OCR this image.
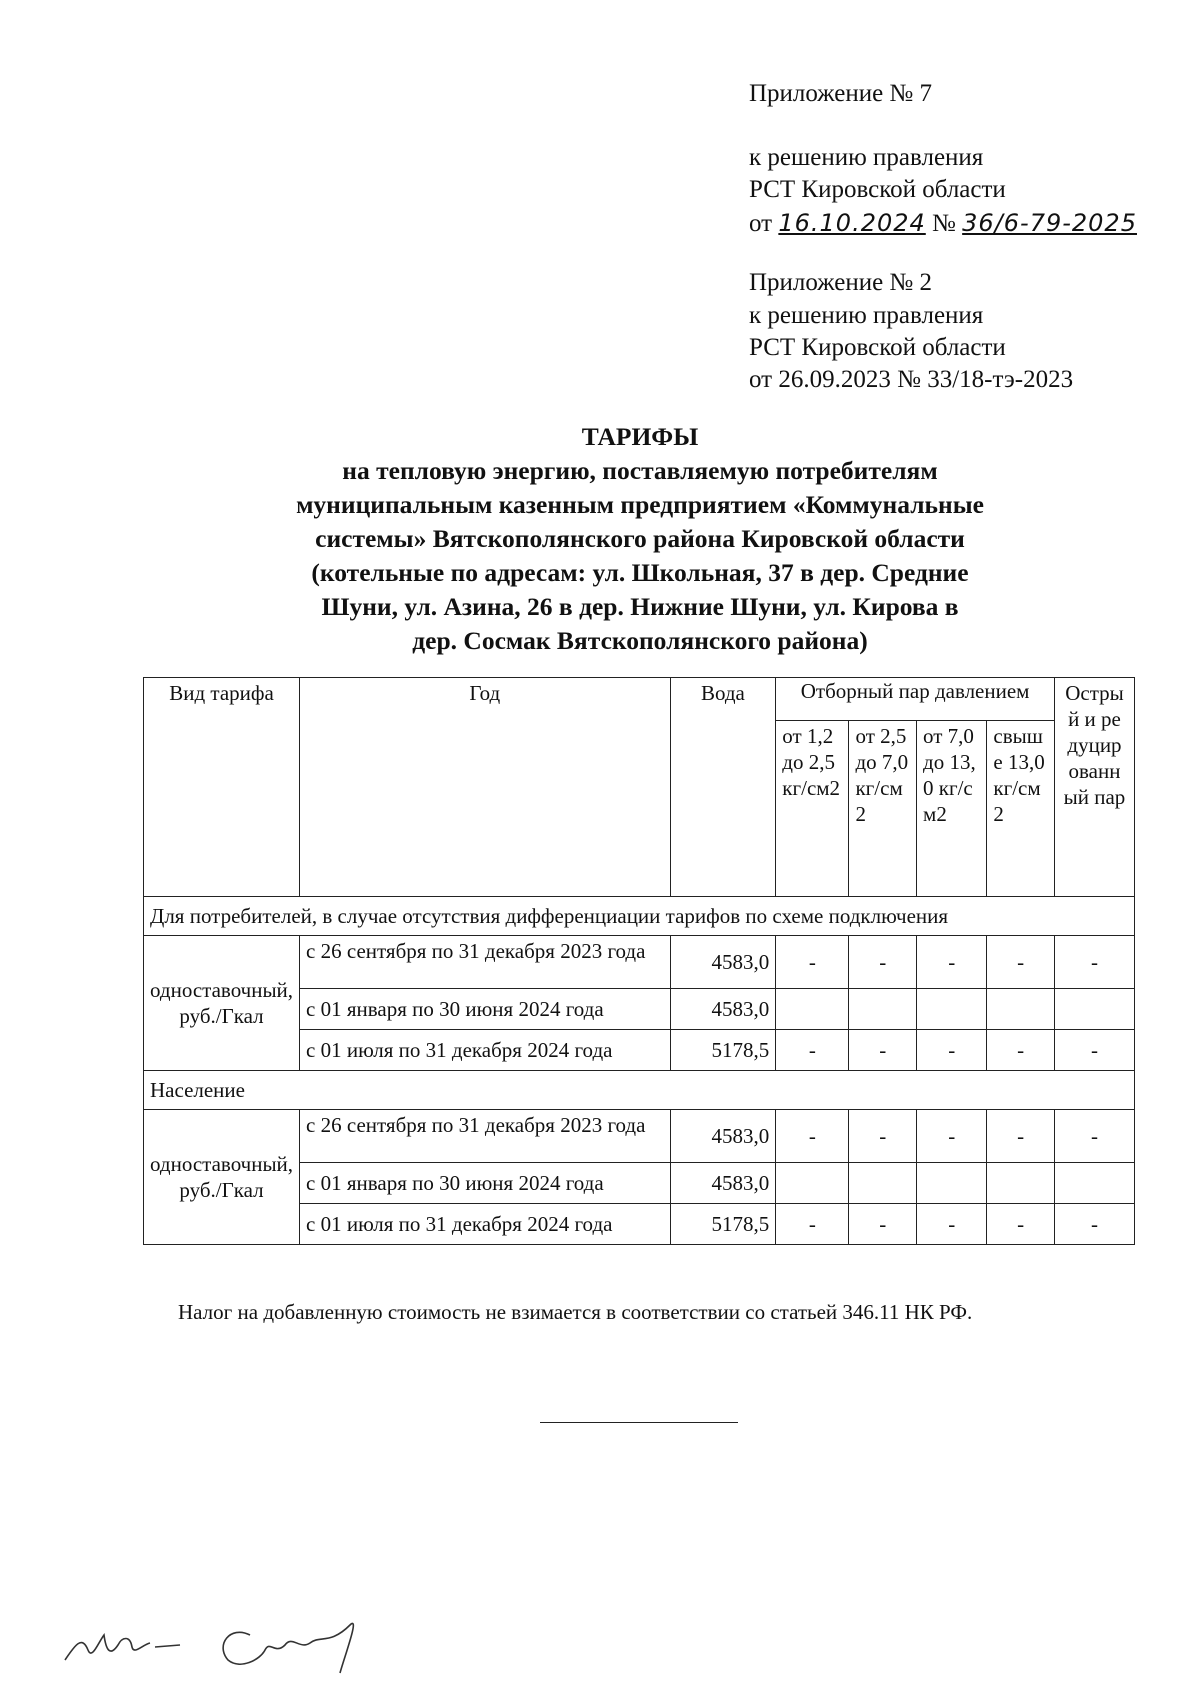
Приложение № 7
к решению правления
РСТ Кировской области
от 16.10.2024 № 36/6-79-2025
Приложение № 2
к решению правления
РСТ Кировской области
от 26.09.2023 № 33/18-тэ-2023
ТАРИФЫ
на тепловую энергию, поставляемую потребителям
муниципальным казенным предприятием «Коммунальные
системы» Вятскополянского района Кировской области
(котельные по адресам: ул. Школьная, 37 в дер. Средние
Шуни, ул. Азина, 26 в дер. Нижние Шуни, ул. Кирова в
дер. Сосмак Вятскополянского района)
Вид тарифа	Год	Вода	Отборный пар давлением				Острый и редуцированный пар
			от 1,2 до 2,5 кг/см2	от 2,5 до 7,0 кг/см2	от 7,0 до 13,0 кг/см2	свыше 13,0 кг/см2	
Для потребителей, в случае отсутствия дифференциации тарифов по схеме подключения							
одноставочный, руб./Гкал	с 26 сентября по 31 декабря 2023 года	4583,0	-	-	-	-	-
	с 01 января по 30 июня 2024 года	4583,0					
	с 01 июля по 31 декабря 2024 года	5178,5	-	-	-	-	-
Население							
одноставочный, руб./Гкал	с 26 сентября по 31 декабря 2023 года	4583,0	-	-	-	-	-
	с 01 января по 30 июня 2024 года	4583,0					
	с 01 июля по 31 декабря 2024 года	5178,5	-	-	-	-	-
Налог на добавленную стоимость не взимается в соответствии со статьей 346.11 НК РФ.
